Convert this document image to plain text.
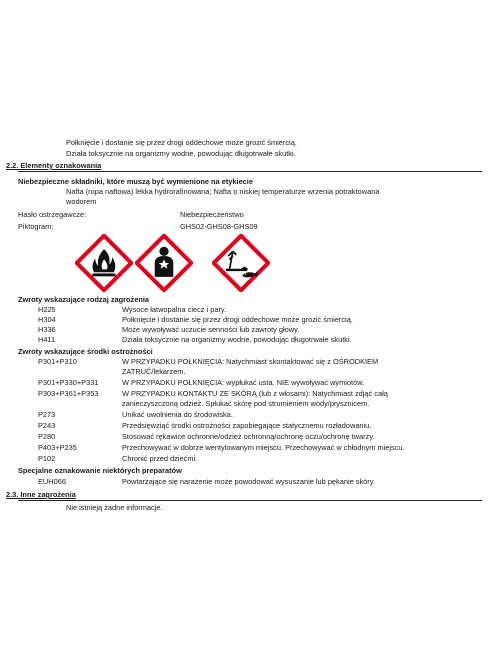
Połknięcie i dostanie się przez drogi oddechowe może grozić śmiercią.
Działa toksycznie na organizmy wodne, powodując długotrwałe skutki.
2.2. Elementy oznakowania
Niebezpieczne składniki, które muszą być wymienione na etykiecie
Nafta (ropa naftowa) lekka hydrorafinowana; Nafta o niskiej temperaturze wrzenia potraktowana
wodorem
Hasło ostrzegawcze:	Niebezpieczeństwo
Piktogram:	GHS02-GHS08-GHS09
Zwroty wskazujące rodzaj zagrożenia
H225	Wysoce łatwopalna ciecz i pary.
H304	Połknięcie i dostanie się przez drogi oddechowe może grozić śmiercią.
H336	Może wywoływać uczucie senności lub zawroty głowy.
H411	Działa toksycznie na organizmy wodne, powodując długotrwałe skutki.
Zwroty wskazujące środki ostrożności
P301+P310	W PRZYPADKU POŁKNIĘCIA: Natychmiast skontaktować się z OŚRODKIEM
ZATRUĆ/lekarzem.
P301+P330+P331	W PRZYPADKU POŁKNIĘCIA: wypłukać usta. NIE wywoływać wymiotów.
P303+P361+P353	W PRZYPADKU KONTAKTU ZE SKÓRĄ (lub z włosami): Natychmiast zdjąć całą
zanieczyszczoną odzież. Spłukać skórę pod strumieniem wody/prysznicem.
P273	Unikać uwolnienia do środowiska.
P243	Przedsięwziąć środki ostrożności zapobiegające statycznemu rozładowaniu.
P280	Stosować rękawice ochronne/odzież ochronną/ochronę oczu/ochronę twarzy.
P403+P235	Przechowywać w dobrze wentylowanym miejscu. Przechowywać w chłodnym miejscu.
P102	Chronić przed dziećmi.
Specjalne oznakowanie niektórych preparatów
EUH066	Powtarzające się narażenie może powodować wysuszanie lub pękanie skóry.
2.3. Inne zagrożenia
Nie istnieją żadne informacje.
